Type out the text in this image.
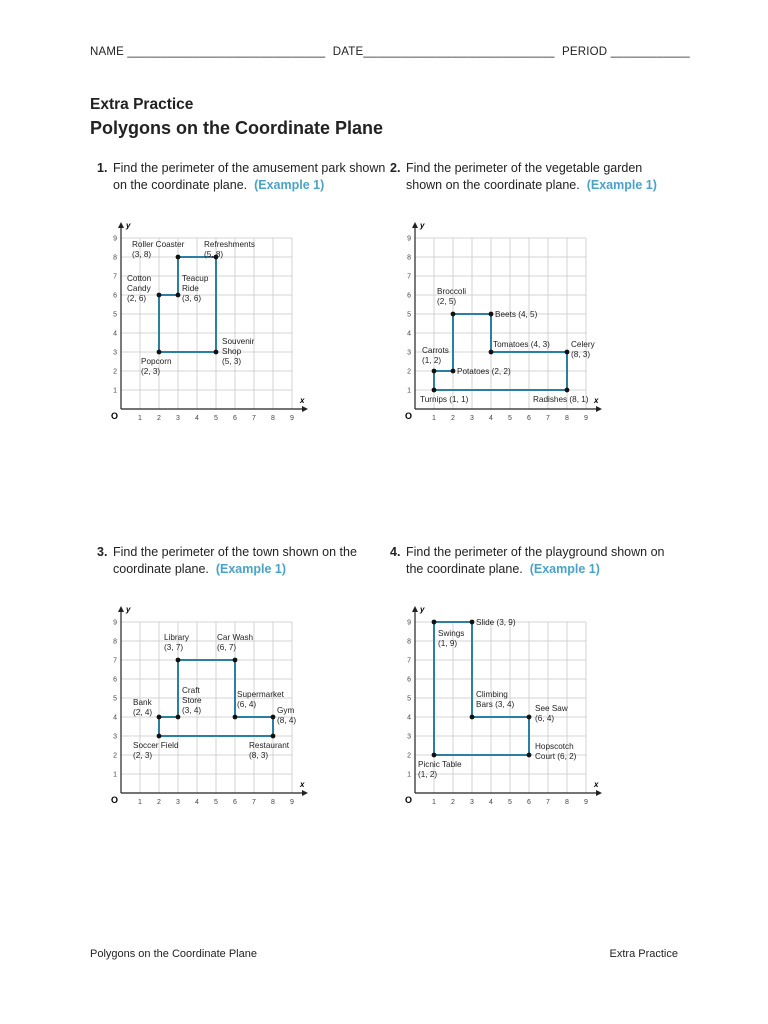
NAME ______________________________ DATE_____________________________ PERIOD ____________
Extra Practice
Polygons on the Coordinate Plane
1. Find the perimeter of the amusement park shown on the coordinate plane. (Example 1)
x
y
O	1 2 3 4 5 6 7 8 9
1
2
3
4
5
6
7
8
9
Roller Coaster
(3, 8)
Refreshments
(5, 8)
Cotton
Candy
(2, 6)
Teacup
Ride
(3, 6)
Souvenir
Shop
(5, 3)
Popcorn
(2, 3)
2. Find the perimeter of the vegetable garden shown on the coordinate plane. (Example 1)
x
y
O	1 2 3 4 5 6 7 8 9
1
2
3
4
5
6
7
8
9
Broccoli
(2, 5)
Beets (4, 5)
Tomatoes (4, 3)	Celery
(8, 3)
Carrots
(1, 2)
Potatoes (2, 2)
Turnips (1, 1)	Radishes (8, 1)
3. Find the perimeter of the town shown on the coordinate plane. (Example 1)
x
y
O	1 2 3 4 5 6 7 8 9
1
2
3
4
5
6
7
8
9
Library
(3, 7)
Car Wash
(6, 7)
Craft
Store
(3, 4)
Supermarket
(6, 4)
Bank
(2, 4)	Gym
(8, 4)
Soccer Field
(2, 3)
Restaurant
(8, 3)
4. Find the perimeter of the playground shown on the coordinate plane. (Example 1)
x
y
O	1 2 3 4 5 6 7 8 9
1
2
3
4
5
6
7
8
9
Swings
(1, 9)
Slide (3, 9)
Climbing
Bars (3, 4)	See Saw
(6, 4)
Hopscotch
Court (6, 2)
Picnic Table
(1, 2)
Polygons on the Coordinate Plane	Extra Practice
